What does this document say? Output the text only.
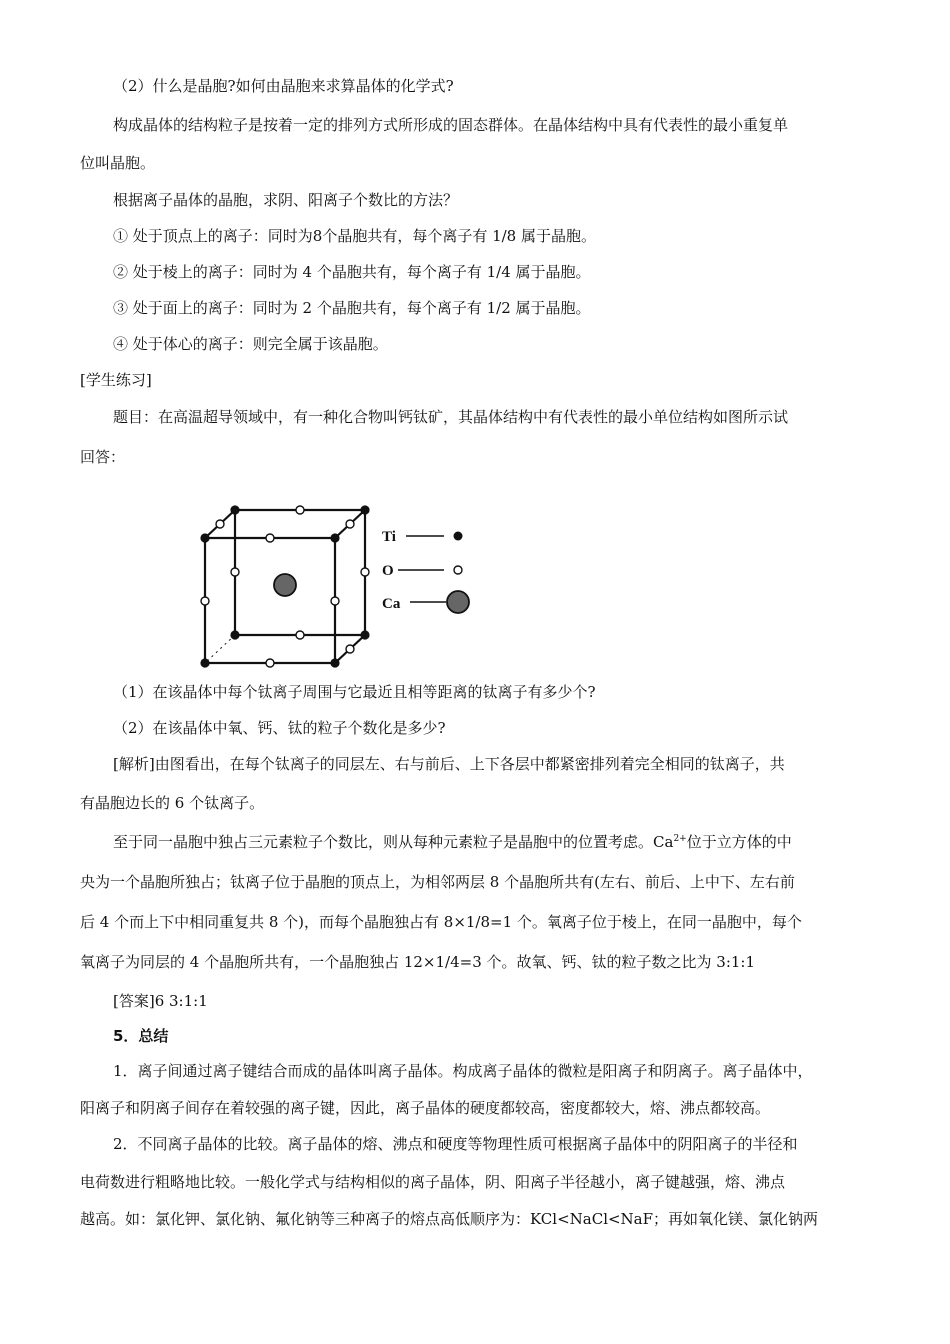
（2）什么是晶胞?如何由晶胞来求算晶体的化学式?
构成晶体的结构粒子是按着一定的排列方式所形成的固态群体。在晶体结构中具有代表性的最小重复单
位叫晶胞。
根据离子晶体的晶胞，求阴、阳离子个数比的方法？
① 处于顶点上的离子：同时为8个晶胞共有，每个离子有 1/8 属于晶胞。
② 处于棱上的离子：同时为 4 个晶胞共有，每个离子有 1/4 属于晶胞。
③ 处于面上的离子：同时为 2 个晶胞共有，每个离子有 1/2 属于晶胞。
④ 处于体心的离子：则完全属于该晶胞。
[学生练习]
题目：在高温超导领域中，有一种化合物叫钙钛矿，其晶体结构中有代表性的最小单位结构如图所示试
回答：
Ti
O
Ca
（1）在该晶体中每个钛离子周围与它最近且相等距离的钛离子有多少个?
（2）在该晶体中氧、钙、钛的粒子个数化是多少?
[解析]由图看出，在每个钛离子的同层左、右与前后、上下各层中都紧密排列着完全相同的钛离子，共
有晶胞边长的 6 个钛离子。
至于同一晶胞中独占三元素粒子个数比，则从每种元素粒子是晶胞中的位置考虑。$Ca^{2+}$位于立方体的中
央为一个晶胞所独占；钛离子位于晶胞的顶点上，为相邻两层 8 个晶胞所共有(左右、前后、上中下、左右前
后 4 个而上下中相同重复共 8 个)，而每个晶胞独占有 8×1/8=1 个。氧离子位于棱上，在同一晶胞中，每个
氧离子为同层的 4 个晶胞所共有，一个晶胞独占 12×1/4=3 个。故氧、钙、钛的粒子数之比为 3:1:1
[答案]6 3:1:1
5．总结
1．离子间通过离子键结合而成的晶体叫离子晶体。构成离子晶体的微粒是阳离子和阴离子。离子晶体中，
阳离子和阴离子间存在着较强的离子键，因此，离子晶体的硬度都较高，密度都较大，熔、沸点都较高。
2．不同离子晶体的比较。离子晶体的熔、沸点和硬度等物理性质可根据离子晶体中的阴阳离子的半径和
电荷数进行粗略地比较。一般化学式与结构相似的离子晶体，阴、阳离子半径越小，离子键越强，熔、沸点
越高。如：氯化钾、氯化钠、氟化钠等三种离子的熔点高低顺序为：KCl<NaCl<NaF；再如氧化镁、氯化钠两
